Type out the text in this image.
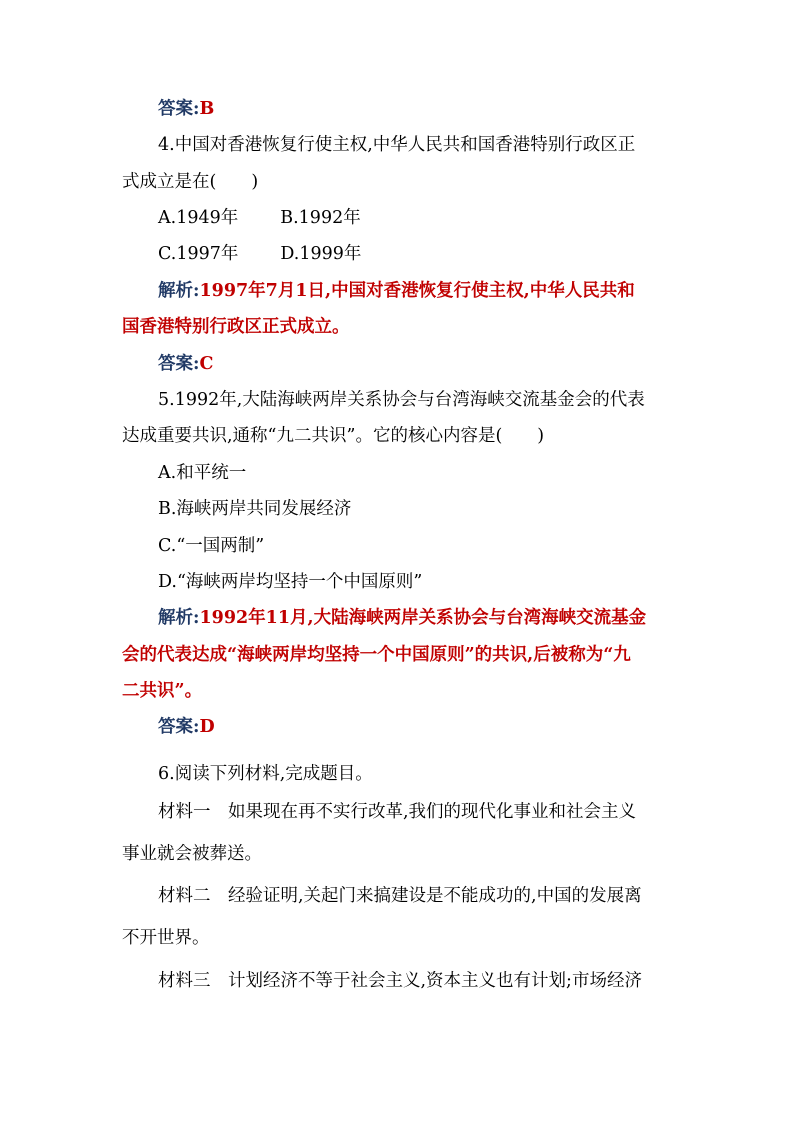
答案:B
4.中国对香港恢复行使主权,中华人民共和国香港特别行政区正
式成立是在(　　)
A.1949年 B.1992年
C.1997年 D.1999年
解析:1997年7月1日,中国对香港恢复行使主权,中华人民共和
国香港特别行政区正式成立。
答案:C
5.1992年,大陆海峡两岸关系协会与台湾海峡交流基金会的代表
达成重要共识,通称“九二共识”。它的核心内容是(　　)
A.和平统一
B.海峡两岸共同发展经济
C.“一国两制”
D.“海峡两岸均坚持一个中国原则”
解析:1992年11月,大陆海峡两岸关系协会与台湾海峡交流基金
会的代表达成“海峡两岸均坚持一个中国原则”的共识,后被称为“九
二共识”。
答案:D
6.阅读下列材料,完成题目。
材料一　如果现在再不实行改革,我们的现代化事业和社会主义
事业就会被葬送。
材料二　经验证明,关起门来搞建设是不能成功的,中国的发展离
不开世界。
材料三　计划经济不等于社会主义,资本主义也有计划;市场经济
